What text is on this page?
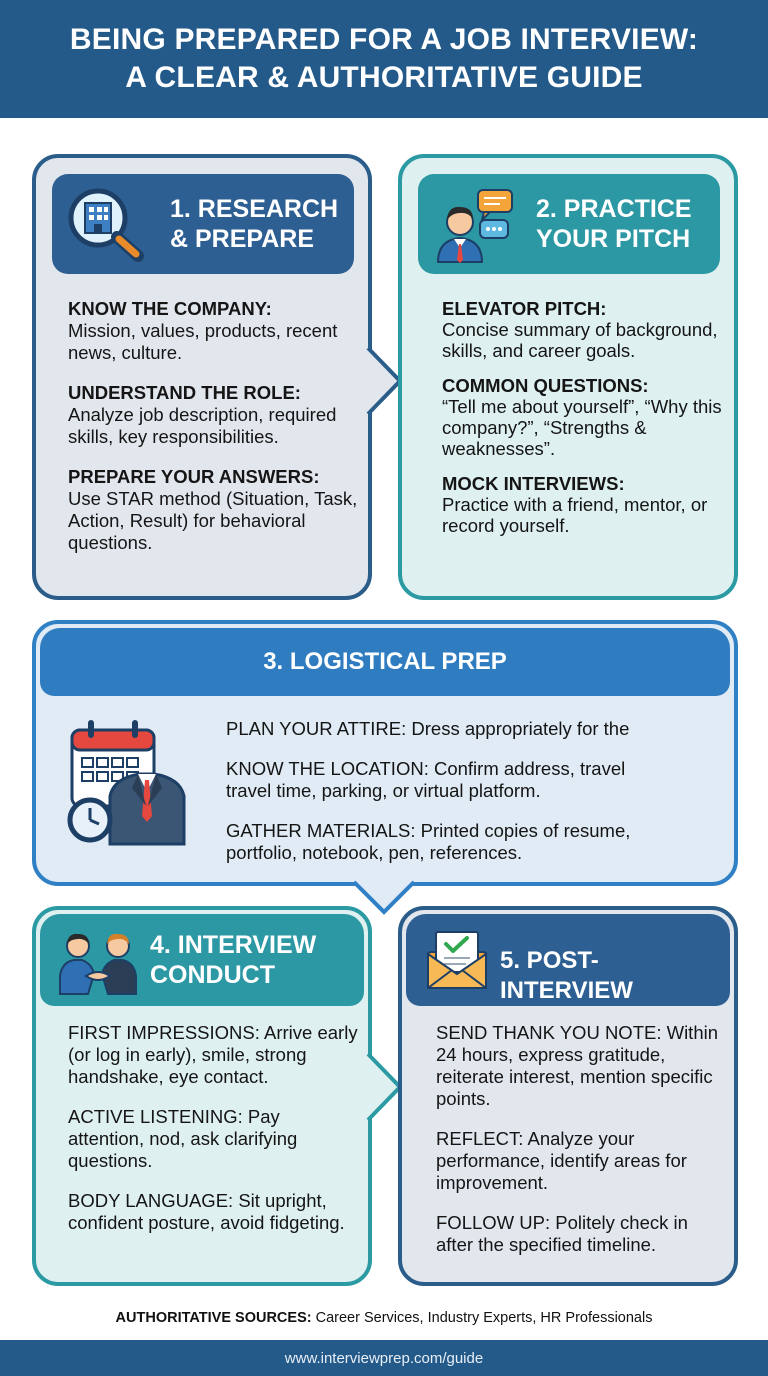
BEING PREPARED FOR A JOB INTERVIEW:
A CLEAR & AUTHORITATIVE GUIDE
1. RESEARCH
& PREPARE
KNOW THE COMPANY:
Mission, values, products, recent news, culture.
UNDERSTAND THE ROLE:
Analyze job description, required skills, key responsibilities.
PREPARE YOUR ANSWERS:
Use STAR method (Situation, Task, Action, Result) for behavioral questions.
2. PRACTICE
YOUR PITCH
ELEVATOR PITCH:
Concise summary of background, skills, and career goals.
COMMON QUESTIONS:
“Tell me about yourself”, “Why this company?”, “Strengths & weaknesses”.
MOCK INTERVIEWS:
Practice with a friend, mentor, or record yourself.
3. LOGISTICAL PREP
PLAN YOUR ATTIRE: Dress appropriately for the
KNOW THE LOCATION: Confirm address, travel travel time, parking, or virtual platform.
GATHER MATERIALS: Printed copies of resume, portfolio, notebook, pen, references.
4. INTERVIEW
CONDUCT
FIRST IMPRESSIONS: Arrive early (or log in early), smile, strong handshake, eye contact.
ACTIVE LISTENING: Pay attention, nod, ask clarifying questions.
BODY LANGUAGE: Sit upright, confident posture, avoid fidgeting.
5. POST-INTERVIEW
SEND THANK YOU NOTE: Within 24 hours, express gratitude, reiterate interest, mention specific points.
REFLECT: Analyze your performance, identify areas for improvement.
FOLLOW UP: Politely check in after the specified timeline.
AUTHORITATIVE SOURCES: Career Services, Industry Experts, HR Professionals
www.interviewprep.com/guide
